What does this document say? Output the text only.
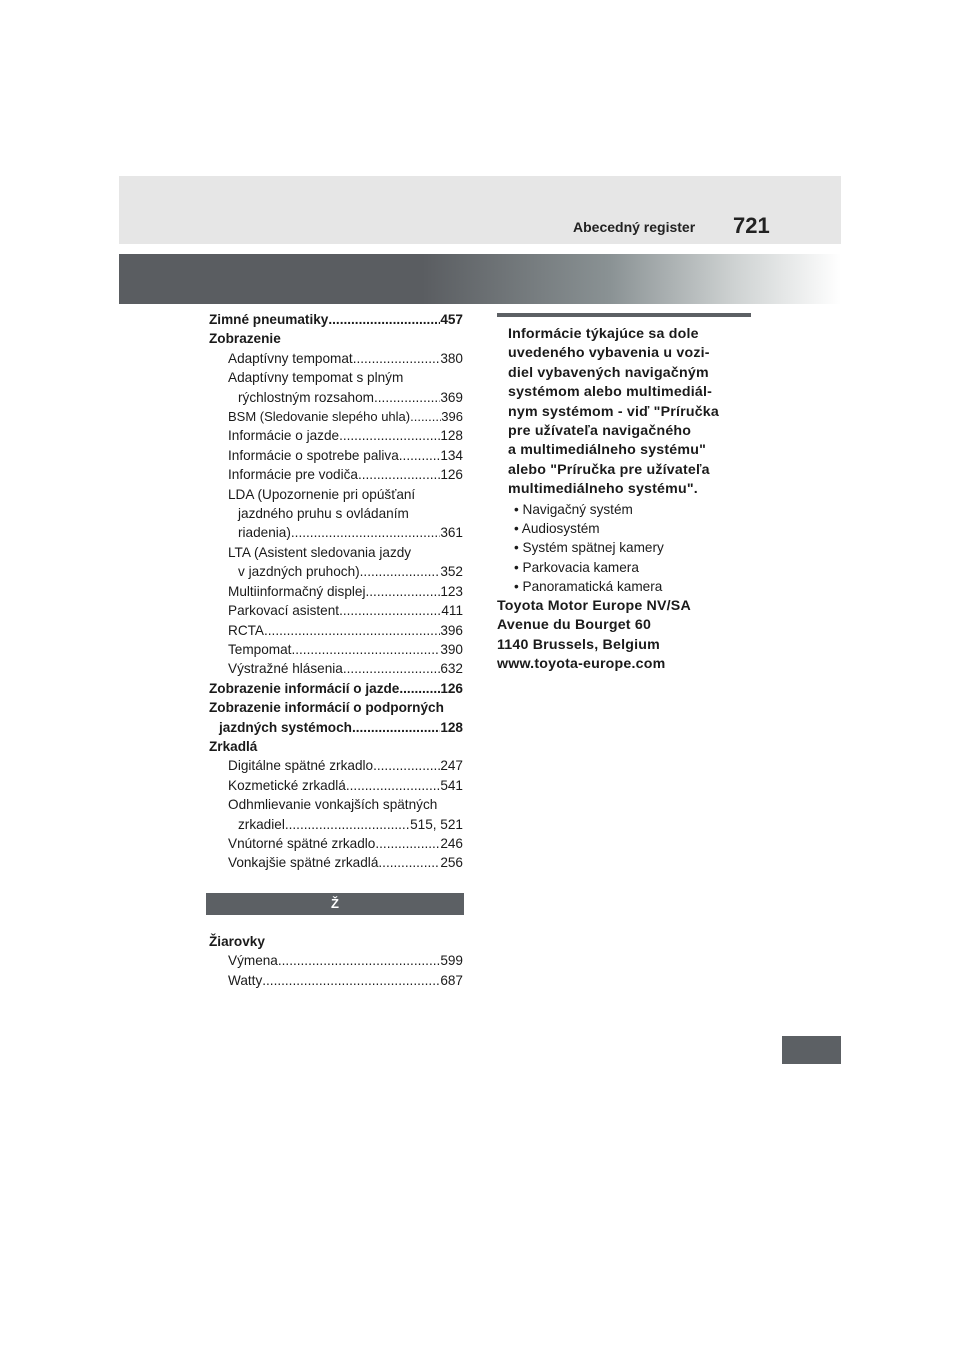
Abecedný register 721
Zimné pneumatiky .....	457
Zobrazenie
Adaptívny tempomat .....	380
Adaptívny tempomat s plným
rýchlostným rozsahom .....	369
BSM (Sledovanie slepého uhla) ..... 396
Informácie o jazde .....	128
Informácie o spotrebe paliva .....	134
Informácie pre vodiča .....	126
LDA (Upozornenie pri opúšťaní
jazdného pruhu s ovládaním
riadenia) .....	361
LTA (Asistent sledovania jazdy
v jazdných pruhoch) .....	352
Multiinformačný displej .....	123
Parkovací asistent .....	411
RCTA .....	396
Tempomat .....	390
Výstražné hlásenia .....	632
Zobrazenie informácií o jazde .....	126
Zobrazenie informácií o podporných
jazdných systémoch .....	128
Zrkadlá
Digitálne spätné zrkadlo .....	247
Kozmetické zrkadlá .....	541
Odhmlievanie vonkajších spätných
zrkadiel .....	515, 521
Vnútorné spätné zrkadlo .....	246
Vonkajšie spätné zrkadlá .....	256
Ž
Žiarovky
Výmena .....	599
Watty .....	687
Informácie týkajúce sa dole
uvedeného vybavenia u vozi-
diel vybavených navigačným
systémom alebo multimediál-
nym systémom - viď "Príručka
pre užívateľa navigačného
a multimediálneho systému"
alebo "Príručka pre užívateľa
multimediálneho systému".
• Navigačný systém
• Audiosystém
• Systém spätnej kamery
• Parkovacia kamera
• Panoramatická kamera
Toyota Motor Europe NV/SA
Avenue du Bourget 60
1140 Brussels, Belgium
www.toyota-europe.com
